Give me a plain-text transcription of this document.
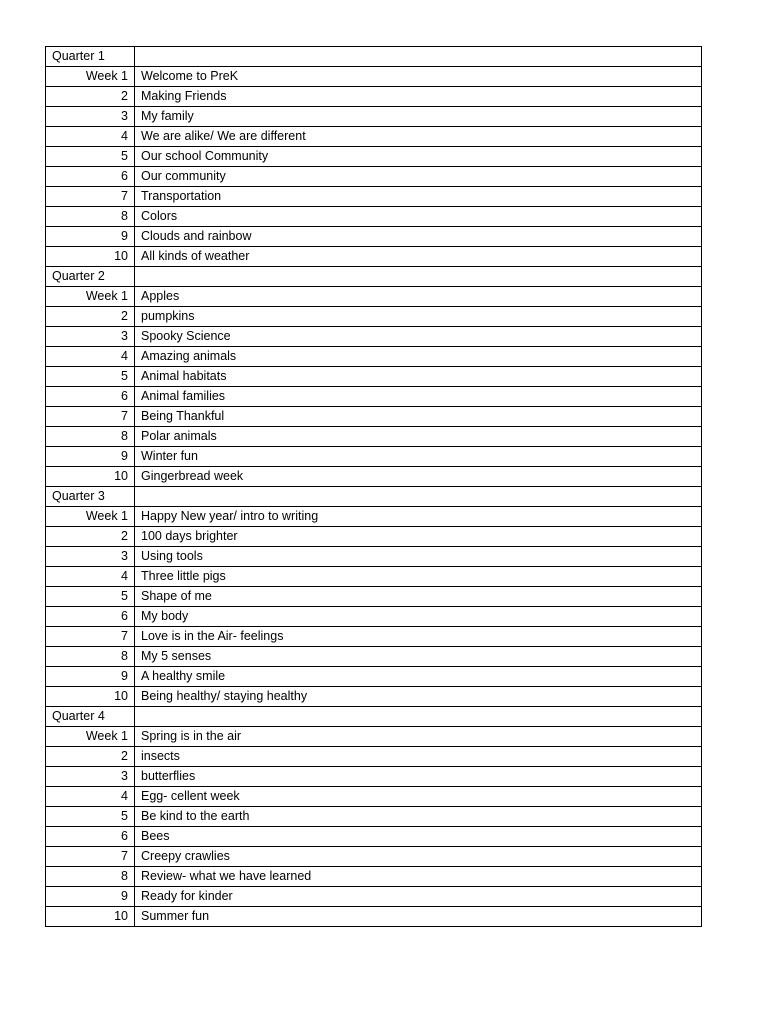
Quarter 1	
Week 1	Welcome to PreK
2	Making Friends
3	My family
4	We are alike/ We are different
5	Our school Community
6	Our community
7	Transportation
8	Colors
9	Clouds and rainbow
10	All kinds of weather
Quarter 2	
Week 1	Apples
2	pumpkins
3	Spooky Science
4	Amazing animals
5	Animal habitats
6	Animal families
7	Being Thankful
8	Polar animals
9	Winter fun
10	Gingerbread week
Quarter 3	
Week 1	Happy New year/ intro to writing
2	100 days brighter
3	Using tools
4	Three little pigs
5	Shape of me
6	My body
7	Love is in the Air- feelings
8	My 5 senses
9	A healthy smile
10	Being healthy/ staying healthy
Quarter 4	
Week 1	Spring is in the air
2	insects
3	butterflies
4	Egg- cellent week
5	Be kind to the earth
6	Bees
7	Creepy crawlies
8	Review- what we have learned
9	Ready for kinder
10	Summer fun
